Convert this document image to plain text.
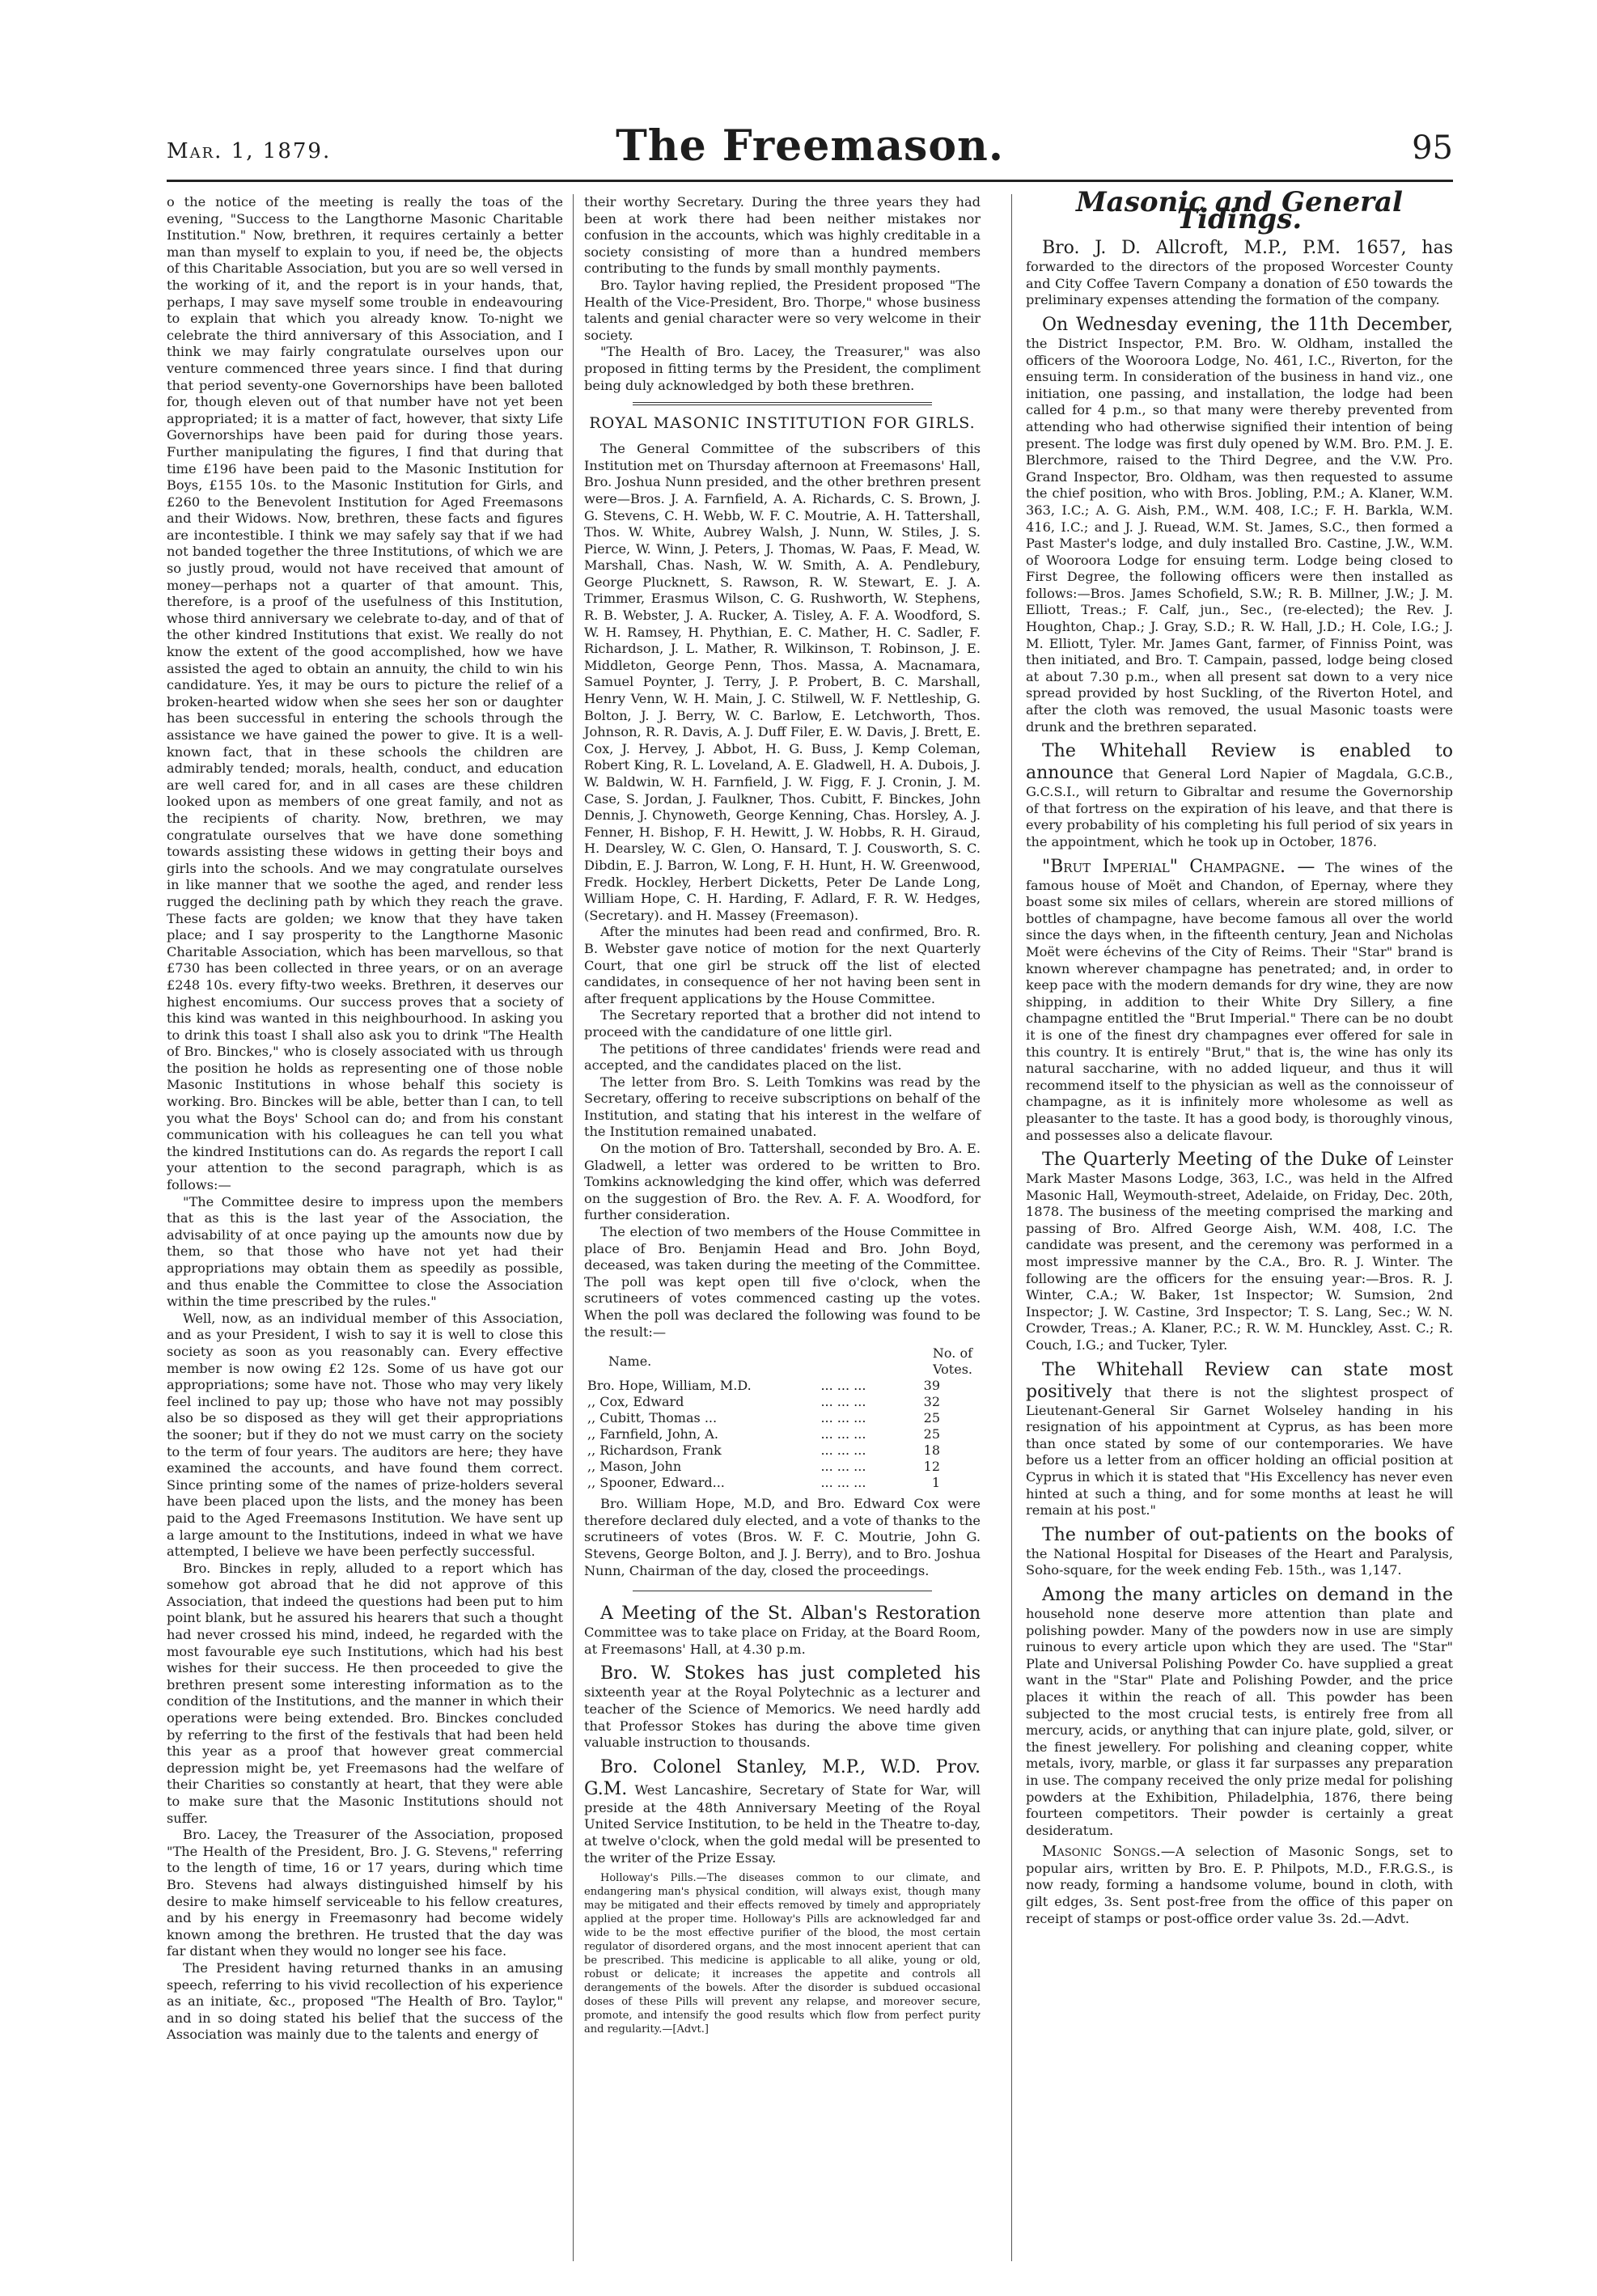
Mar. 1, 1879.	The Freemason.	95

o the notice of the meeting is really the toas of the evening, "Success to the Langthorne Masonic Charitable Institution." Now, brethren, it requires certainly a better man than myself to explain to you, if need be, the objects of this Charitable Association, but you are so well versed in the working of it, and the report is in your hands, that, perhaps, I may save myself some trouble in endeavouring to explain that which you already know. To-night we celebrate the third anniversary of this Association, and I think we may fairly congratulate ourselves upon our venture commenced three years since. I find that during that period seventy-one Governorships have been balloted for, though eleven out of that number have not yet been appropriated; it is a matter of fact, however, that sixty Life Governorships have been paid for during those years. Further manipulating the figures, I find that during that time £196 have been paid to the Masonic Institution for Boys, £155 10s. to the Masonic Institution for Girls, and £260 to the Benevolent Institution for Aged Freemasons and their Widows. Now, brethren, these facts and figures are incontestible. I think we may safely say that if we had not banded together the three Institutions, of which we are so justly proud, would not have received that amount of money—perhaps not a quarter of that amount. This, therefore, is a proof of the usefulness of this Institution, whose third anniversary we celebrate to-day, and of that of the other kindred Institutions that exist. We really do not know the extent of the good accomplished, how we have assisted the aged to obtain an annuity, the child to win his candidature. Yes, it may be ours to picture the relief of a broken-hearted widow when she sees her son or daughter has been successful in entering the schools through the assistance we have gained the power to give. It is a well-known fact, that in these schools the children are admirably tended; morals, health, conduct, and education are well cared for, and in all cases are these children looked upon as members of one great family, and not as the recipients of charity. Now, brethren, we may congratulate ourselves that we have done something towards assisting these widows in getting their boys and girls into the schools. And we may congratulate ourselves in like manner that we soothe the aged, and render less rugged the declining path by which they reach the grave. These facts are golden; we know that they have taken place; and I say prosperity to the Langthorne Masonic Charitable Association, which has been marvellous, so that £730 has been collected in three years, or on an average £248 10s. every fifty-two weeks. Brethren, it deserves our highest encomiums. Our success proves that a society of this kind was wanted in this neighbourhood. In asking you to drink this toast I shall also ask you to drink "The Health of Bro. Binckes," who is closely associated with us through the position he holds as representing one of those noble Masonic Institutions in whose behalf this society is working. Bro. Binckes will be able, better than I can, to tell you what the Boys' School can do; and from his constant communication with his colleagues he can tell you what the kindred Institutions can do. As regards the report I call your attention to the second paragraph, which is as follows:—

"The Committee desire to impress upon the members that as this is the last year of the Association, the advisability of at once paying up the amounts now due by them, so that those who have not yet had their appropriations may obtain them as speedily as possible, and thus enable the Committee to close the Association within the time prescribed by the rules."

Well, now, as an individual member of this Association, and as your President, I wish to say it is well to close this society as soon as you reasonably can. Every effective member is now owing £2 12s. Some of us have got our appropriations; some have not. Those who may very likely feel inclined to pay up; those who have not may possibly also be so disposed as they will get their appropriations the sooner; but if they do not we must carry on the society to the term of four years. The auditors are here; they have examined the accounts, and have found them correct. Since printing some of the names of prize-holders several have been placed upon the lists, and the money has been paid to the Aged Freemasons Institution. We have sent up a large amount to the Institutions, indeed in what we have attempted, I believe we have been perfectly successful.

Bro. Binckes in reply, alluded to a report which has somehow got abroad that he did not approve of this Association, that indeed the questions had been put to him point blank, but he assured his hearers that such a thought had never crossed his mind, indeed, he regarded with the most favourable eye such Institutions, which had his best wishes for their success. He then proceeded to give the brethren present some interesting information as to the condition of the Institutions, and the manner in which their operations were being extended. Bro. Binckes concluded by referring to the first of the festivals that had been held this year as a proof that however great commercial depression might be, yet Freemasons had the welfare of their Charities so constantly at heart, that they were able to make sure that the Masonic Institutions should not suffer.

Bro. Lacey, the Treasurer of the Association, proposed "The Health of the President, Bro. J. G. Stevens," referring to the length of time, 16 or 17 years, during which time Bro. Stevens had always distinguished himself by his desire to make himself serviceable to his fellow creatures, and by his energy in Freemasonry had become widely known among the brethren. He trusted that the day was far distant when they would no longer see his face.

The President having returned thanks in an amusing speech, referring to his vivid recollection of his experience as an initiate, &c., proposed "The Health of Bro. Taylor," and in so doing stated his belief that the success of the Association was mainly due to the talents and energy of

their worthy Secretary. During the three years they had been at work there had been neither mistakes nor confusion in the accounts, which was highly creditable in a society consisting of more than a hundred members contributing to the funds by small monthly payments.

Bro. Taylor having replied, the President proposed "The Health of the Vice-President, Bro. Thorpe," whose business talents and genial character were so very welcome in their society.

"The Health of Bro. Lacey, the Treasurer," was also proposed in fitting terms by the President, the compliment being duly acknowledged by both these brethren.

ROYAL MASONIC INSTITUTION FOR GIRLS.

The General Committee of the subscribers of this Institution met on Thursday afternoon at Freemasons' Hall, Bro. Joshua Nunn presided, and the other brethren present were—Bros. J. A. Farnfield, A. A. Richards, C. S. Brown, J. G. Stevens, C. H. Webb, W. F. C. Moutrie, A. H. Tattershall, Thos. W. White, Aubrey Walsh, J. Nunn, W. Stiles, J. S. Pierce, W. Winn, J. Peters, J. Thomas, W. Paas, F. Mead, W. Marshall, Chas. Nash, W. W. Smith, A. A. Pendlebury, George Plucknett, S. Rawson, R. W. Stewart, E. J. A. Trimmer, Erasmus Wilson, C. G. Rushworth, W. Stephens, R. B. Webster, J. A. Rucker, A. Tisley, A. F. A. Woodford, S. W. H. Ramsey, H. Phythian, E. C. Mather, H. C. Sadler, F. Richardson, J. L. Mather, R. Wilkinson, T. Robinson, J. E. Middleton, George Penn, Thos. Massa, A. Macnamara, Samuel Poynter, J. Terry, J. P. Probert, B. C. Marshall, Henry Venn, W. H. Main, J. C. Stilwell, W. F. Nettleship, G. Bolton, J. J. Berry, W. C. Barlow, E. Letchworth, Thos. Johnson, R. R. Davis, A. J. Duff Filer, E. W. Davis, J. Brett, E. Cox, J. Hervey, J. Abbot, H. G. Buss, J. Kemp Coleman, Robert King, R. L. Loveland, A. E. Gladwell, H. A. Dubois, J. W. Baldwin, W. H. Farnfield, J. W. Figg, F. J. Cronin, J. M. Case, S. Jordan, J. Faulkner, Thos. Cubitt, F. Binckes, John Dennis, J. Chynoweth, George Kenning, Chas. Horsley, A. J. Fenner, H. Bishop, F. H. Hewitt, J. W. Hobbs, R. H. Giraud, H. Dearsley, W. C. Glen, O. Hansard, T. J. Cousworth, S. C. Dibdin, E. J. Barron, W. Long, F. H. Hunt, H. W. Greenwood, Fredk. Hockley, Herbert Dicketts, Peter De Lande Long, William Hope, C. H. Harding, F. Adlard, F. R. W. Hedges, (Secretary). and H. Massey (Freemason).

After the minutes had been read and confirmed, Bro. R. B. Webster gave notice of motion for the next Quarterly Court, that one girl be struck off the list of elected candidates, in consequence of her not having been sent in after frequent applications by the House Committee.

The Secretary reported that a brother did not intend to proceed with the candidature of one little girl.

The petitions of three candidates' friends were read and accepted, and the candidates placed on the list.

The letter from Bro. S. Leith Tomkins was read by the Secretary, offering to receive subscriptions on behalf of the Institution, and stating that his interest in the welfare of the Institution remained unabated.

On the motion of Bro. Tattershall, seconded by Bro. A. E. Gladwell, a letter was ordered to be written to Bro. Tomkins acknowledging the kind offer, which was deferred on the suggestion of Bro. the Rev. A. F. A. Woodford, for further consideration.

The election of two members of the House Committee in place of Bro. Benjamin Head and Bro. John Boyd, deceased, was taken during the meeting of the Committee. The poll was kept open till five o'clock, when the scrutineers of votes commenced casting up the votes. When the poll was declared the following was found to be the result:—

Name.		No. of Votes.
Bro. Hope, William, M.D.	... ... ...	39
,, Cox, Edward	... ... ...	32
,, Cubitt, Thomas ...	... ... ...	25
,, Farnfield, John, A.	... ... ...	25
,, Richardson, Frank	... ... ...	18
,, Mason, John	... ... ...	12
,, Spooner, Edward...	... ... ...	1

Bro. William Hope, M.D, and Bro. Edward Cox were therefore declared duly elected, and a vote of thanks to the scrutineers of votes (Bros. W. F. C. Moutrie, John G. Stevens, George Bolton, and J. J. Berry), and to Bro. Joshua Nunn, Chairman of the day, closed the proceedings.

A Meeting of the St. Alban's Restoration Committee was to take place on Friday, at the Board Room, at Freemasons' Hall, at 4.30 p.m.

Bro. W. Stokes has just completed his sixteenth year at the Royal Polytechnic as a lecturer and teacher of the Science of Memorics. We need hardly add that Professor Stokes has during the above time given valuable instruction to thousands.

Bro. Colonel Stanley, M.P., W.D. Prov. G.M. West Lancashire, Secretary of State for War, will preside at the 48th Anniversary Meeting of the Royal United Service Institution, to be held in the Theatre to-day, at twelve o'clock, when the gold medal will be presented to the writer of the Prize Essay.

Holloway's Pills.—The diseases common to our climate, and endangering man's physical condition, will always exist, though many may be mitigated and their effects removed by timely and appropriately applied at the proper time. Holloway's Pills are acknowledged far and wide to be the most effective purifier of the blood, the most certain regulator of disordered organs, and the most innocent aperient that can be prescribed. This medicine is applicable to all alike, young or old, robust or delicate; it increases the appetite and controls all derangements of the bowels. After the disorder is subdued occasional doses of these Pills will prevent any relapse, and moreover secure, promote, and intensify the good results which flow from perfect purity and regularity.—[Advt.]

Masonic and General Tidings.

Bro. J. D. Allcroft, M.P., P.M. 1657, has forwarded to the directors of the proposed Worcester County and City Coffee Tavern Company a donation of £50 towards the preliminary expenses attending the formation of the company.

On Wednesday evening, the 11th December, the District Inspector, P.M. Bro. W. Oldham, installed the officers of the Wooroora Lodge, No. 461, I.C., Riverton, for the ensuing term. In consideration of the business in hand viz., one initiation, one passing, and installation, the lodge had been called for 4 p.m., so that many were thereby prevented from attending who had otherwise signified their intention of being present. The lodge was first duly opened by W.M. Bro. P.M. J. E. Blerchmore, raised to the Third Degree, and the V.W. Pro. Grand Inspector, Bro. Oldham, was then requested to assume the chief position, who with Bros. Jobling, P.M.; A. Klaner, W.M. 363, I.C.; A. G. Aish, P.M., W.M. 408, I.C.; F. H. Barkla, W.M. 416, I.C.; and J. J. Ruead, W.M. St. James, S.C., then formed a Past Master's lodge, and duly installed Bro. Castine, J.W., W.M. of Wooroora Lodge for ensuing term. Lodge being closed to First Degree, the following officers were then installed as follows:—Bros. James Schofield, S.W.; R. B. Millner, J.W.; J. M. Elliott, Treas.; F. Calf, jun., Sec., (re-elected); the Rev. J. Houghton, Chap.; J. Gray, S.D.; R. W. Hall, J.D.; H. Cole, I.G.; J. M. Elliott, Tyler. Mr. James Gant, farmer, of Finniss Point, was then initiated, and Bro. T. Campain, passed, lodge being closed at about 7.30 p.m., when all present sat down to a very nice spread provided by host Suckling, of the Riverton Hotel, and after the cloth was removed, the usual Masonic toasts were drunk and the brethren separated.

The Whitehall Review is enabled to announce that General Lord Napier of Magdala, G.C.B., G.C.S.I., will return to Gibraltar and resume the Governorship of that fortress on the expiration of his leave, and that there is every probability of his completing his full period of six years in the appointment, which he took up in October, 1876.

"Brut Imperial" Champagne. — The wines of the famous house of Moët and Chandon, of Epernay, where they boast some six miles of cellars, wherein are stored millions of bottles of champagne, have become famous all over the world since the days when, in the fifteenth century, Jean and Nicholas Moët were échevins of the City of Reims. Their "Star" brand is known wherever champagne has penetrated; and, in order to keep pace with the modern demands for dry wine, they are now shipping, in addition to their White Dry Sillery, a fine champagne entitled the "Brut Imperial." There can be no doubt it is one of the finest dry champagnes ever offered for sale in this country. It is entirely "Brut," that is, the wine has only its natural saccharine, with no added liqueur, and thus it will recommend itself to the physician as well as the connoisseur of champagne, as it is infinitely more wholesome as well as pleasanter to the taste. It has a good body, is thoroughly vinous, and possesses also a delicate flavour.

The Quarterly Meeting of the Duke of Leinster Mark Master Masons Lodge, 363, I.C., was held in the Alfred Masonic Hall, Weymouth-street, Adelaide, on Friday, Dec. 20th, 1878. The business of the meeting comprised the marking and passing of Bro. Alfred George Aish, W.M. 408, I.C. The candidate was present, and the ceremony was performed in a most impressive manner by the C.A., Bro. R. J. Winter. The following are the officers for the ensuing year:—Bros. R. J. Winter, C.A.; W. Baker, 1st Inspector; W. Sumsion, 2nd Inspector; J. W. Castine, 3rd Inspector; T. S. Lang, Sec.; W. N. Crowder, Treas.; A. Klaner, P.C.; R. W. M. Hunckley, Asst. C.; R. Couch, I.G.; and Tucker, Tyler.

The Whitehall Review can state most positively that there is not the slightest prospect of Lieutenant-General Sir Garnet Wolseley handing in his resignation of his appointment at Cyprus, as has been more than once stated by some of our contemporaries. We have before us a letter from an officer holding an official position at Cyprus in which it is stated that "His Excellency has never even hinted at such a thing, and for some months at least he will remain at his post."

The number of out-patients on the books of the National Hospital for Diseases of the Heart and Paralysis, Soho-square, for the week ending Feb. 15th., was 1,147.

Among the many articles on demand in the household none deserve more attention than plate and polishing powder. Many of the powders now in use are simply ruinous to every article upon which they are used. The "Star" Plate and Universal Polishing Powder Co. have supplied a great want in the "Star" Plate and Polishing Powder, and the price places it within the reach of all. This powder has been subjected to the most crucial tests, is entirely free from all mercury, acids, or anything that can injure plate, gold, silver, or the finest jewellery. For polishing and cleaning copper, white metals, ivory, marble, or glass it far surpasses any preparation in use. The company received the only prize medal for polishing powders at the Exhibition, Philadelphia, 1876, there being fourteen competitors. Their powder is certainly a great desideratum.

Masonic Songs.—A selection of Masonic Songs, set to popular airs, written by Bro. E. P. Philpots, M.D., F.R.G.S., is now ready, forming a handsome volume, bound in cloth, with gilt edges, 3s. Sent post-free from the office of this paper on receipt of stamps or post-office order value 3s. 2d.—Advt.
